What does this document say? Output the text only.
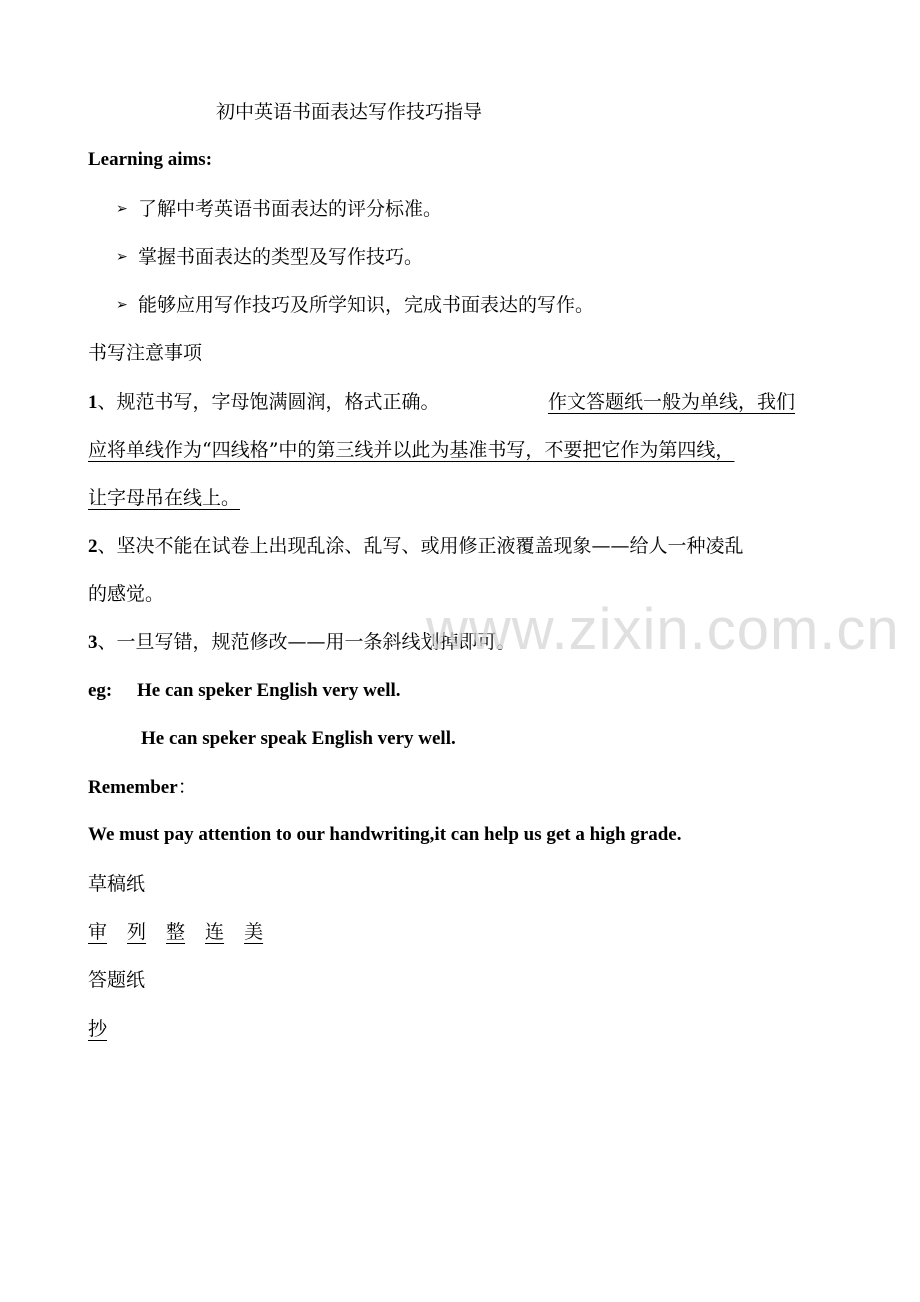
初中英语书面表达写作技巧指导
Learning aims:
➢ 了解中考英语书面表达的评分标准。
➢ 掌握书面表达的类型及写作技巧。
➢ 能够应用写作技巧及所学知识，完成书面表达的写作。
书写注意事项
1、规范书写，字母饱满圆润，格式正确。	作文答题纸一般为单线，我们
应将单线作为“四线格”中的第三线并以此为基准书写，不要把它作为第四线，
让字母吊在线上。
2、坚决不能在试卷上出现乱涂、乱写、或用修正液覆盖现象——给人一种凌乱
的感觉。
3、一旦写错，规范修改——用一条斜线划掉即可。
eg: He can speker English very well.
He can speker speak English very well.
Remember：
We must pay attention to our handwriting,it can help us get a high grade.
草稿纸
审 列 整 连 美
答题纸
抄
www.zixin.com.cn
